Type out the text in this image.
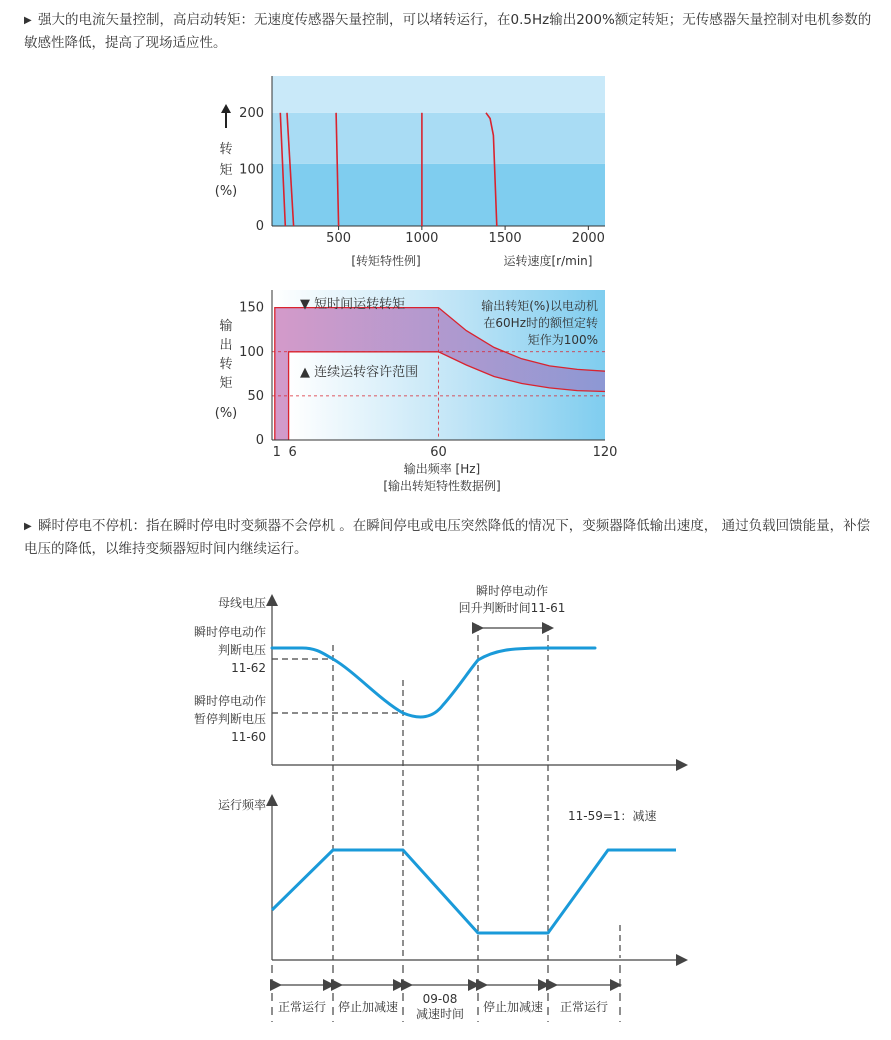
▶ 强大的电流矢量控制，高启动转矩：无速度传感器矢量控制，可以堵转运行，在0.5Hz输出200%额定转矩；无传感器矢量控制对电机参数的敏感性降低，提高了现场适应性。
0
100
200
500	1000	1500	2000
转
矩
(%)
[转矩特性例]	运转速度[r/min]
0
50
100
150
1 6	60	120
输
出
转
矩
(%)
▼ 短时间运转转矩
▲ 连续运转容许范围
输出转矩(%)以电动机
在60Hz时的额恒定转
矩作为100%
输出频率 [Hz]
[输出转矩特性数据例]
▶ 瞬时停电不停机：指在瞬时停电时变频器不会停机 。在瞬间停电或电压突然降低的情况下，变频器降低输出速度， 通过负载回馈能量，补偿电压的降低，以维持变频器短时间内继续运行。
母线电压
瞬时停电动作
判断电压
11-62
瞬时停电动作
暂停判断电压
11-60
瞬时停电动作
回升判断时间11-61
运行频率
11-59=1：减速
正常运行 停止加减速
09-08
减速时间 停止加减速 正常运行
